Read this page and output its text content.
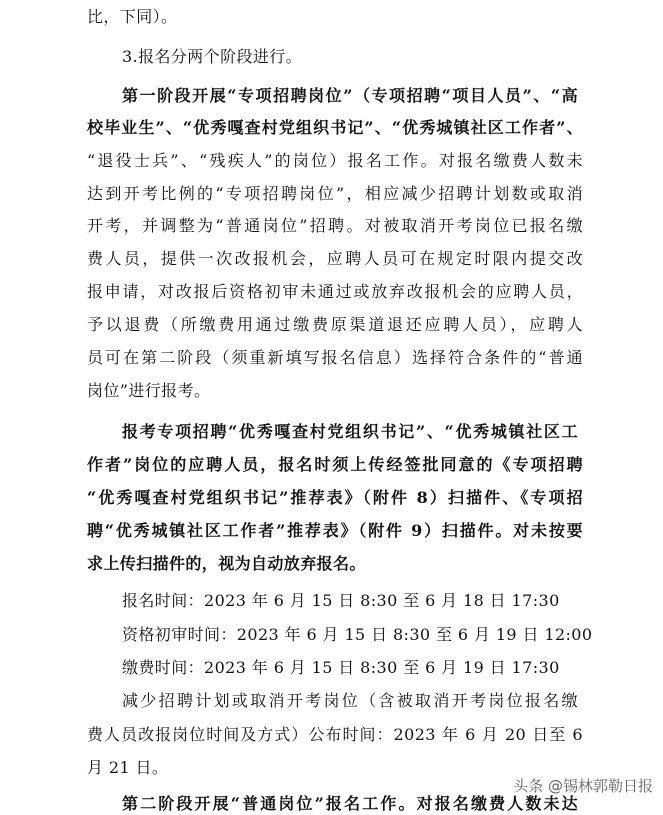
比，下同）。
3.报名分两个阶段进行。
第一阶段开展“专项招聘岗位”（专项招聘“项目人员”、“高
校毕业生”、“优秀嘎查村党组织书记”、“优秀城镇社区工作者”、
“退役士兵”、“残疾人”的岗位）报名工作。对报名缴费人数未
达到开考比例的“专项招聘岗位”，相应减少招聘计划数或取消
开考，并调整为“普通岗位”招聘。对被取消开考岗位已报名缴
费人员，提供一次改报机会，应聘人员可在规定时限内提交改
报申请，对改报后资格初审未通过或放弃改报机会的应聘人员，
予以退费（所缴费用通过缴费原渠道退还应聘人员），应聘人
员可在第二阶段（须重新填写报名信息）选择符合条件的“普通
岗位”进行报考。
报考专项招聘“优秀嘎查村党组织书记”、“优秀城镇社区工
作者”岗位的应聘人员，报名时须上传经签批同意的《专项招聘
“优秀嘎查村党组织书记”推荐表》（附件 8）扫描件、《专项招
聘“优秀城镇社区工作者”推荐表》（附件 9）扫描件。对未按要
求上传扫描件的，视为自动放弃报名。
报名时间：2023 年 6 月 15 日 8:30 至 6 月 18 日 17:30
资格初审时间：2023 年 6 月 15 日 8:30 至 6 月 19 日 12:00
缴费时间：2023 年 6 月 15 日 8:30 至 6 月 19 日 17:30
减少招聘计划或取消开考岗位（含被取消开考岗位报名缴
费人员改报岗位时间及方式）公布时间：2023 年 6 月 20 日至 6
月 21 日。
第二阶段开展“普通岗位”报名工作。对报名缴费人数未达
头条 @锡林郭勒日报
